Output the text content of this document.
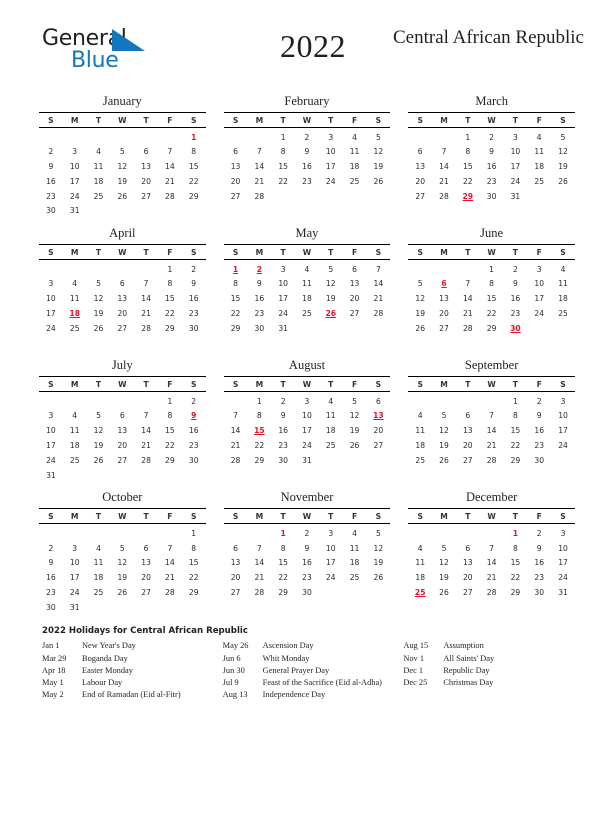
General
Blue	2022	Central African Republic
January
S	M	T	W	T	F	S
						1
2	3	4	5	6	7	8
9	10	11	12	13	14	15
16	17	18	19	20	21	22
23	24	25	26	27	28	29
30	31					
February
S	M	T	W	T	F	S
		1	2	3	4	5
6	7	8	9	10	11	12
13	14	15	16	17	18	19
20	21	22	23	24	25	26
27	28					

March
S	M	T	W	T	F	S
		1	2	3	4	5
6	7	8	9	10	11	12
13	14	15	16	17	18	19
20	21	22	23	24	25	26
27	28	29	30	31		

April
S	M	T	W	T	F	S
					1	2
3	4	5	6	7	8	9
10	11	12	13	14	15	16
17	18	19	20	21	22	23
24	25	26	27	28	29	30

May
S	M	T	W	T	F	S
1	2	3	4	5	6	7
8	9	10	11	12	13	14
15	16	17	18	19	20	21
22	23	24	25	26	27	28
29	30	31				

June
S	M	T	W	T	F	S
			1	2	3	4
5	6	7	8	9	10	11
12	13	14	15	16	17	18
19	20	21	22	23	24	25
26	27	28	29	30		

July
S	M	T	W	T	F	S
					1	2
3	4	5	6	7	8	9
10	11	12	13	14	15	16
17	18	19	20	21	22	23
24	25	26	27	28	29	30
31						
August
S	M	T	W	T	F	S
	1	2	3	4	5	6
7	8	9	10	11	12	13
14	15	16	17	18	19	20
21	22	23	24	25	26	27
28	29	30	31			

September
S	M	T	W	T	F	S
				1	2	3
4	5	6	7	8	9	10
11	12	13	14	15	16	17
18	19	20	21	22	23	24
25	26	27	28	29	30	

October
S	M	T	W	T	F	S
						1
2	3	4	5	6	7	8
9	10	11	12	13	14	15
16	17	18	19	20	21	22
23	24	25	26	27	28	29
30	31					
November
S	M	T	W	T	F	S
		1	2	3	4	5
6	7	8	9	10	11	12
13	14	15	16	17	18	19
20	21	22	23	24	25	26
27	28	29	30			

December
S	M	T	W	T	F	S
				1	2	3
4	5	6	7	8	9	10
11	12	13	14	15	16	17
18	19	20	21	22	23	24
25	26	27	28	29	30	31

2022 Holidays for Central African Republic
Jan 1	New Year's Day
Mar 29	Boganda Day
Apr 18	Easter Monday
May 1	Labour Day
May 2	End of Ramadan (Eid al-Fitr)
May 26	Ascension Day
Jun 6	Whit Monday
Jun 30	General Prayer Day
Jul 9	Feast of the Sacrifice (Eid al-Adha)
Aug 13	Independence Day
Aug 15	Assumption
Nov 1	All Saints' Day
Dec 1	Republic Day
Dec 25	Christmas Day
